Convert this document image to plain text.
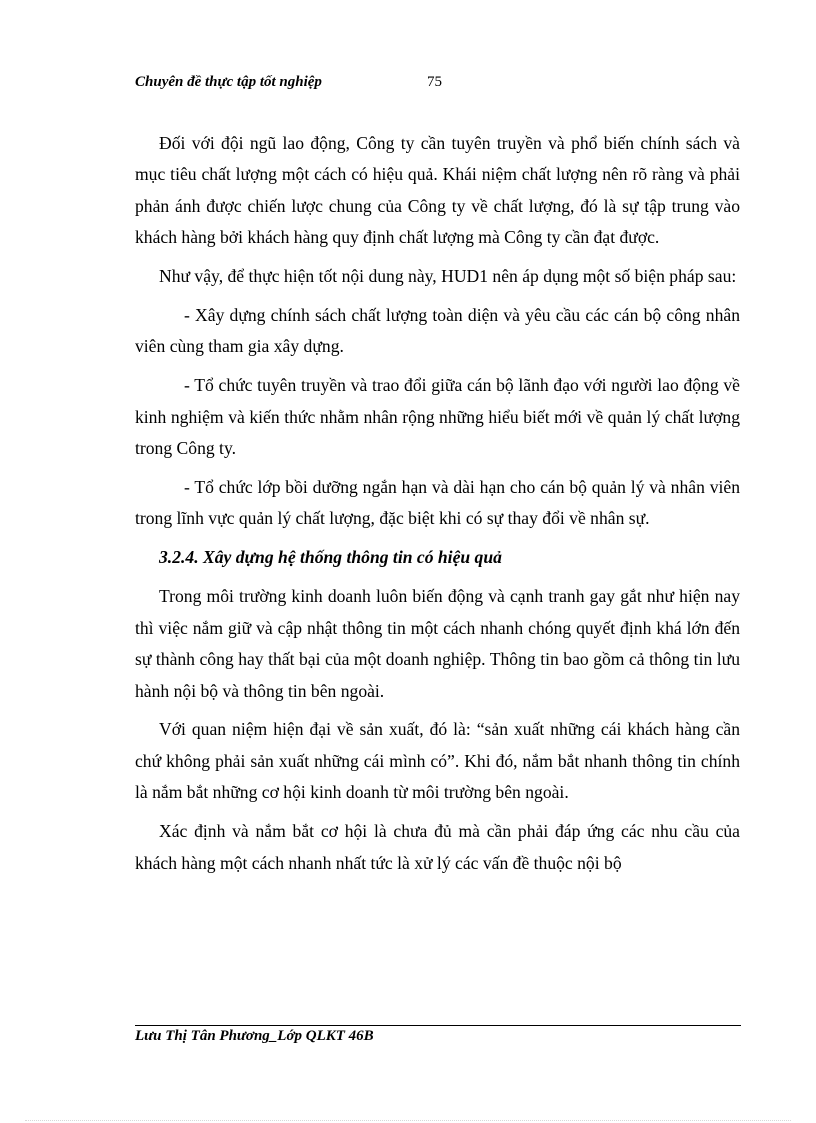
Chuyên đề thực tập tốt nghiệp	75

Đối với đội ngũ lao động, Công ty cần tuyên truyền và phổ biến chính sách và mục tiêu chất lượng một cách có hiệu quả. Khái niệm chất lượng nên rõ ràng và phải phản ánh được chiến lược chung của Công ty về chất lượng, đó là sự tập trung vào khách hàng bởi khách hàng quy định chất lượng mà Công ty cần đạt được.

Như vậy, để thực hiện tốt nội dung này, HUD1 nên áp dụng một số biện pháp sau:

- Xây dựng chính sách chất lượng toàn diện và yêu cầu các cán bộ công nhân viên cùng tham gia xây dựng.

- Tổ chức tuyên truyền và trao đổi giữa cán bộ lãnh đạo với người lao động về kinh nghiệm và kiến thức nhằm nhân rộng những hiểu biết mới về quản lý chất lượng trong Công ty.

- Tổ chức lớp bồi dưỡng ngắn hạn và dài hạn cho cán bộ quản lý và nhân viên trong lĩnh vực quản lý chất lượng, đặc biệt khi có sự thay đổi về nhân sự.

3.2.4. Xây dựng hệ thống thông tin có hiệu quả

Trong môi trường kinh doanh luôn biến động và cạnh tranh gay gắt như hiện nay thì việc nắm giữ và cập nhật thông tin một cách nhanh chóng quyết định khá lớn đến sự thành công hay thất bại của một doanh nghiệp. Thông tin bao gồm cả thông tin lưu hành nội bộ và thông tin bên ngoài.

Với quan niệm hiện đại về sản xuất, đó là: “sản xuất những cái khách hàng cần chứ không phải sản xuất những cái mình có”. Khi đó, nắm bắt nhanh thông tin chính là nắm bắt những cơ hội kinh doanh từ môi trường bên ngoài.

Xác định và nắm bắt cơ hội là chưa đủ mà cần phải đáp ứng các nhu cầu của khách hàng một cách nhanh nhất tức là xử lý các vấn đề thuộc nội bộ

Lưu Thị Tân Phương_Lớp QLKT 46B
